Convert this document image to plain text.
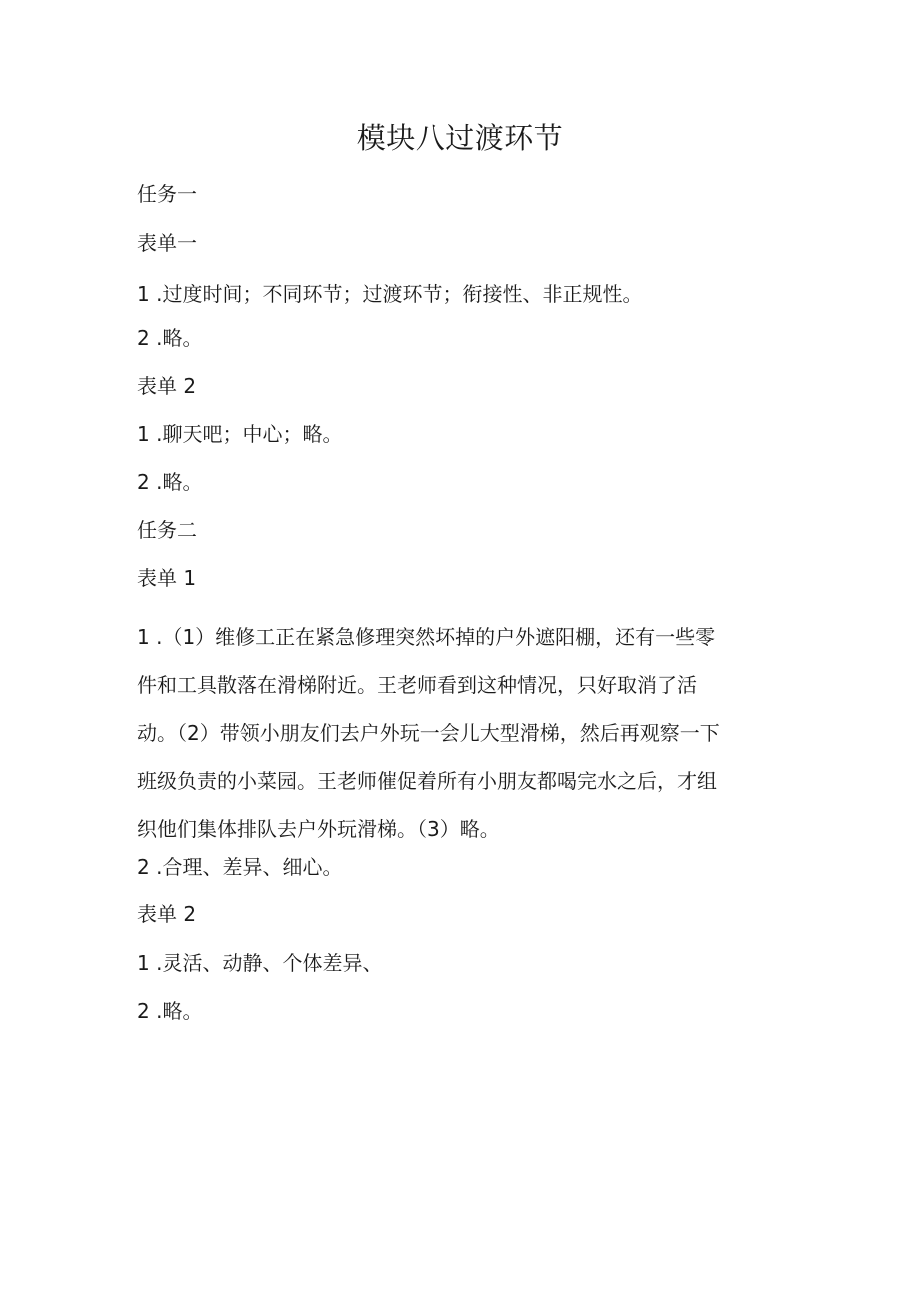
模块八过渡环节
任务一
表单一
1 .过度时间；不同环节；过渡环节；衔接性、非正规性。
2 .略。
表单 2
1 .聊天吧；中心；略。
2 .略。
任务二
表单 1
1 .（1）维修工正在紧急修理突然坏掉的户外遮阳棚，还有一些零
件和工具散落在滑梯附近。王老师看到这种情况，只好取消了活
动。（2）带领小朋友们去户外玩一会儿大型滑梯，然后再观察一下
班级负责的小菜园。王老师催促着所有小朋友都喝完水之后，才组
织他们集体排队去户外玩滑梯。（3）略。
2 .合理、差异、细心。
表单 2
1 .灵活、动静、个体差异、
2 .略。
